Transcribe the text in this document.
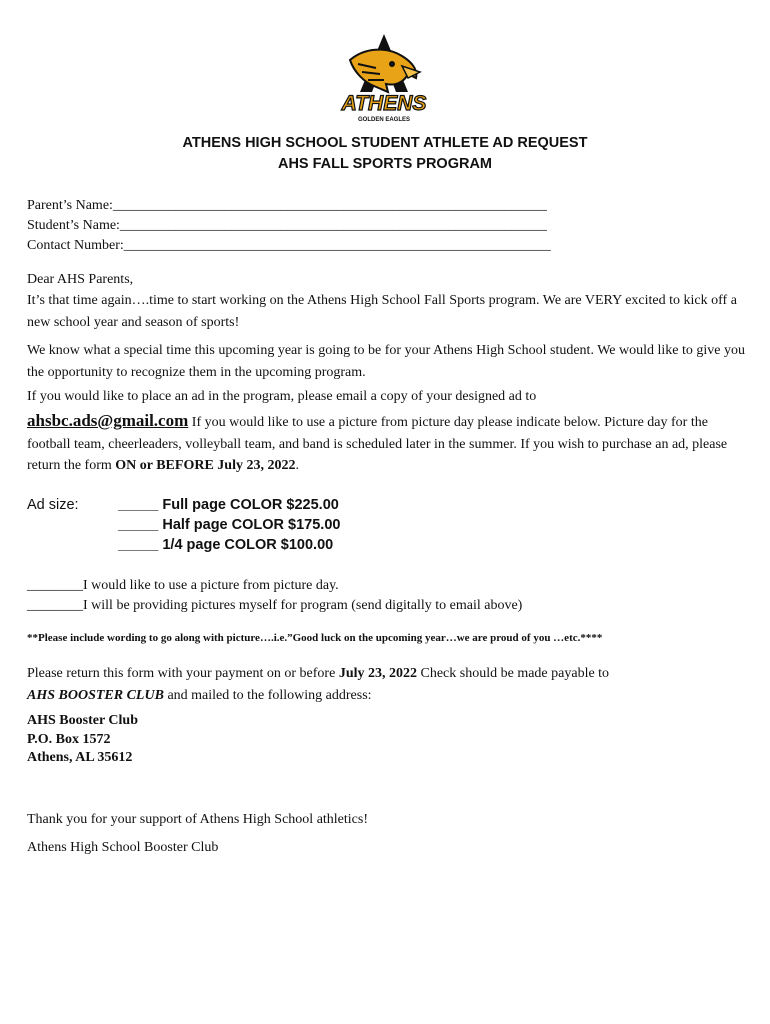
ATHENS
GOLDEN EAGLES
ATHENS HIGH SCHOOL STUDENT ATHLETE AD REQUEST
AHS FALL SPORTS PROGRAM
Parent’s Name:______________________________________________________________
Student’s Name:_____________________________________________________________
Contact Number:_____________________________________________________________
Dear AHS Parents,
It’s that time again….time to start working on the Athens High School Fall Sports program. We are VERY excited to kick off a new school year and season of sports!
We know what a special time this upcoming year is going to be for your Athens High School student. We would like to give you the opportunity to recognize them in the upcoming program.
If you would like to place an ad in the program, please email a copy of your designed ad to
ahsbc.ads@gmail.com If you would like to use a picture from picture day please indicate below. Picture day for the football team, cheerleaders, volleyball team, and band is scheduled later in the summer. If you wish to purchase an ad, please return the form ON or BEFORE July 23, 2022.
Ad size:	_____ Full page COLOR $225.00
_____ Half page COLOR $175.00
_____ 1/4 page COLOR $100.00
________I would like to use a picture from picture day.
________I will be providing pictures myself for program (send digitally to email above)
**Please include wording to go along with picture….i.e.”Good luck on the upcoming year…we are proud of you …etc.****
Please return this form with your payment on or before July 23, 2022 Check should be made payable to
AHS BOOSTER CLUB and mailed to the following address:
AHS Booster Club
P.O. Box 1572
Athens, AL 35612
Thank you for your support of Athens High School athletics!
Athens High School Booster Club
